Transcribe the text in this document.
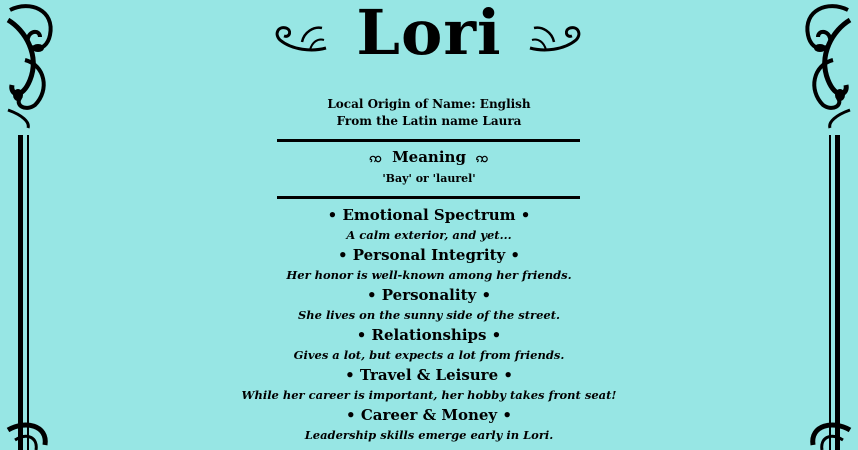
Lori
Local Origin of Name: English
From the Latin name Laura
ꩡ Meaning ꩡ
'Bay' or 'laurel'
• Emotional Spectrum •
A calm exterior, and yet...
• Personal Integrity •
Her honor is well-known among her friends.
• Personality •
She lives on the sunny side of the street.
• Relationships •
Gives a lot, but expects a lot from friends.
• Travel & Leisure •
While her career is important, her hobby takes front seat!
• Career & Money •
Leadership skills emerge early in Lori.
